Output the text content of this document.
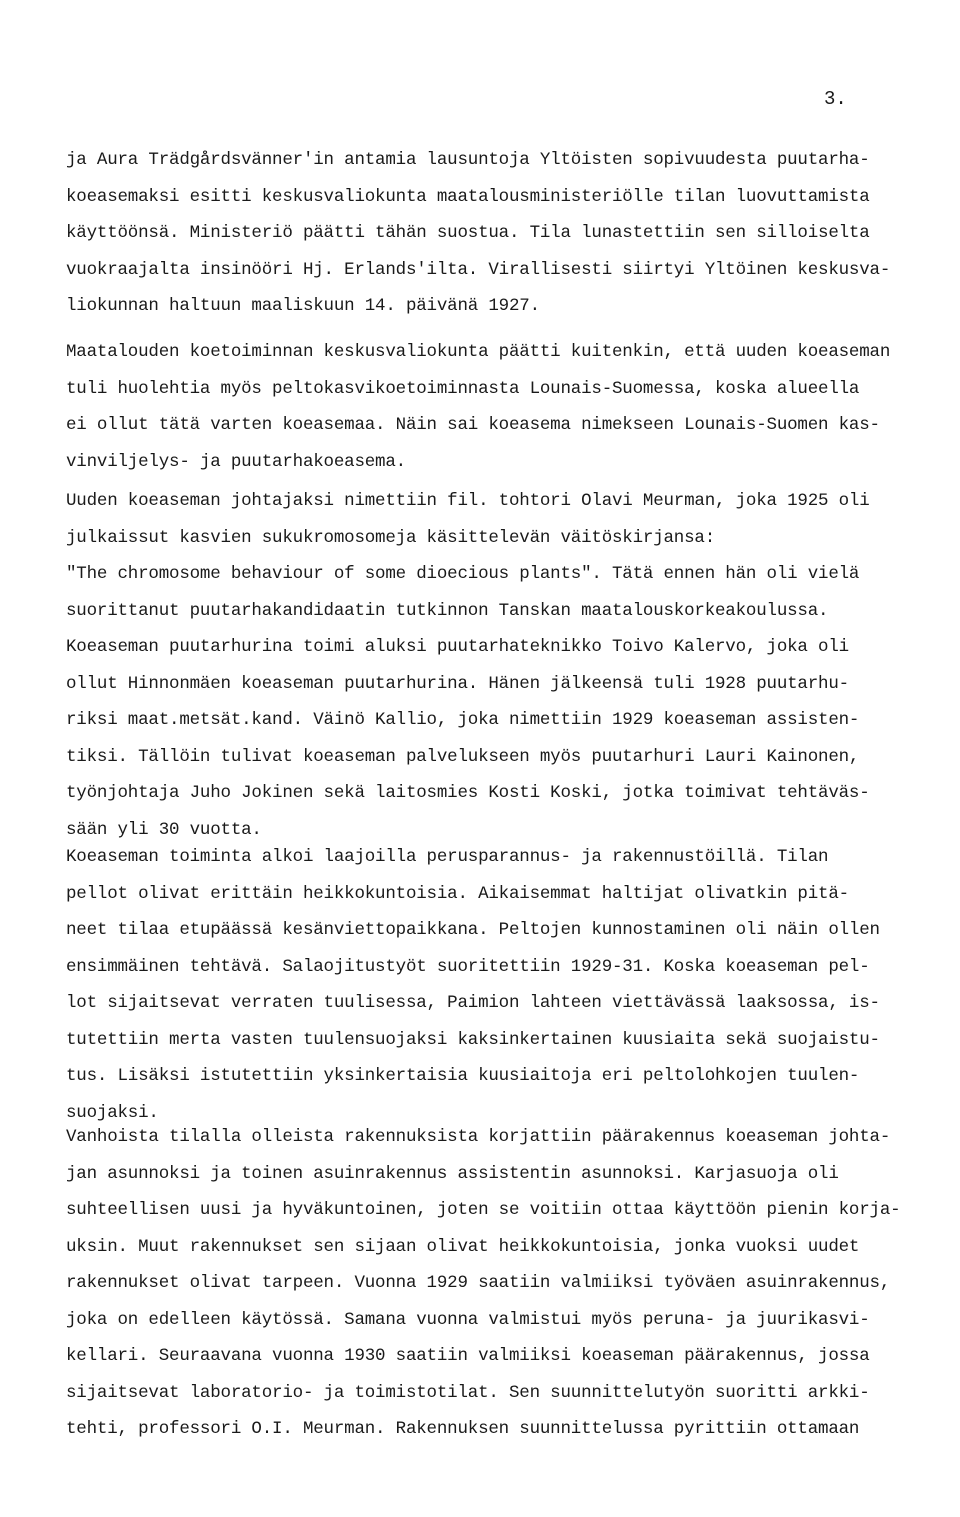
3.
ja Aura Trädgårdsvänner'in antamia lausuntoja Yltöisten sopivuudesta puutarha-
koeasemaksi esitti keskusvaliokunta maatalousministeriölle tilan luovuttamista
käyttöönsä. Ministeriö päätti tähän suostua. Tila lunastettiin sen silloiselta
vuokraajalta insinööri Hj. Erlands'ilta. Virallisesti siirtyi Yltöinen keskusva-
liokunnan haltuun maaliskuun 14. päivänä 1927.
Maatalouden koetoiminnan keskusvaliokunta päätti kuitenkin, että uuden koeaseman
tuli huolehtia myös peltokasvikoetoiminnasta Lounais-Suomessa, koska alueella
ei ollut tätä varten koeasemaa. Näin sai koeasema nimekseen Lounais-Suomen kas-
vinviljelys- ja puutarhakoeasema.
Uuden koeaseman johtajaksi nimettiin fil. tohtori Olavi Meurman, joka 1925 oli
julkaissut kasvien sukukromosomeja käsittelevän väitöskirjansa:
"The chromosome behaviour of some dioecious plants". Tätä ennen hän oli vielä
suorittanut puutarhakandidaatin tutkinnon Tanskan maatalouskorkeakoulussa.
Koeaseman puutarhurina toimi aluksi puutarhateknikko Toivo Kalervo, joka oli
ollut Hinnonmäen koeaseman puutarhurina. Hänen jälkeensä tuli 1928 puutarhu-
riksi maat.metsät.kand. Väinö Kallio, joka nimettiin 1929 koeaseman assisten-
tiksi. Tällöin tulivat koeaseman palvelukseen myös puutarhuri Lauri Kainonen,
työnjohtaja Juho Jokinen sekä laitosmies Kosti Koski, jotka toimivat tehtäväs-
sään yli 30 vuotta.
Koeaseman toiminta alkoi laajoilla perusparannus- ja rakennustöillä. Tilan
pellot olivat erittäin heikkokuntoisia. Aikaisemmat haltijat olivatkin pitä-
neet tilaa etupäässä kesänviettopaikkana. Peltojen kunnostaminen oli näin ollen
ensimmäinen tehtävä. Salaojitustyöt suoritettiin 1929-31. Koska koeaseman pel-
lot sijaitsevat verraten tuulisessa, Paimion lahteen viettävässä laaksossa, is-
tutettiin merta vasten tuulensuojaksi kaksinkertainen kuusiaita sekä suojaistu-
tus. Lisäksi istutettiin yksinkertaisia kuusiaitoja eri peltolohkojen tuulen-
suojaksi.
Vanhoista tilalla olleista rakennuksista korjattiin päärakennus koeaseman johta-
jan asunnoksi ja toinen asuinrakennus assistentin asunnoksi. Karjasuoja oli
suhteellisen uusi ja hyväkuntoinen, joten se voitiin ottaa käyttöön pienin korja-
uksin. Muut rakennukset sen sijaan olivat heikkokuntoisia, jonka vuoksi uudet
rakennukset olivat tarpeen. Vuonna 1929 saatiin valmiiksi työväen asuinrakennus,
joka on edelleen käytössä. Samana vuonna valmistui myös peruna- ja juurikasvi-
kellari. Seuraavana vuonna 1930 saatiin valmiiksi koeaseman päärakennus, jossa
sijaitsevat laboratorio- ja toimistotilat. Sen suunnittelutyön suoritti arkki-
tehti, professori O.I. Meurman. Rakennuksen suunnittelussa pyrittiin ottamaan
